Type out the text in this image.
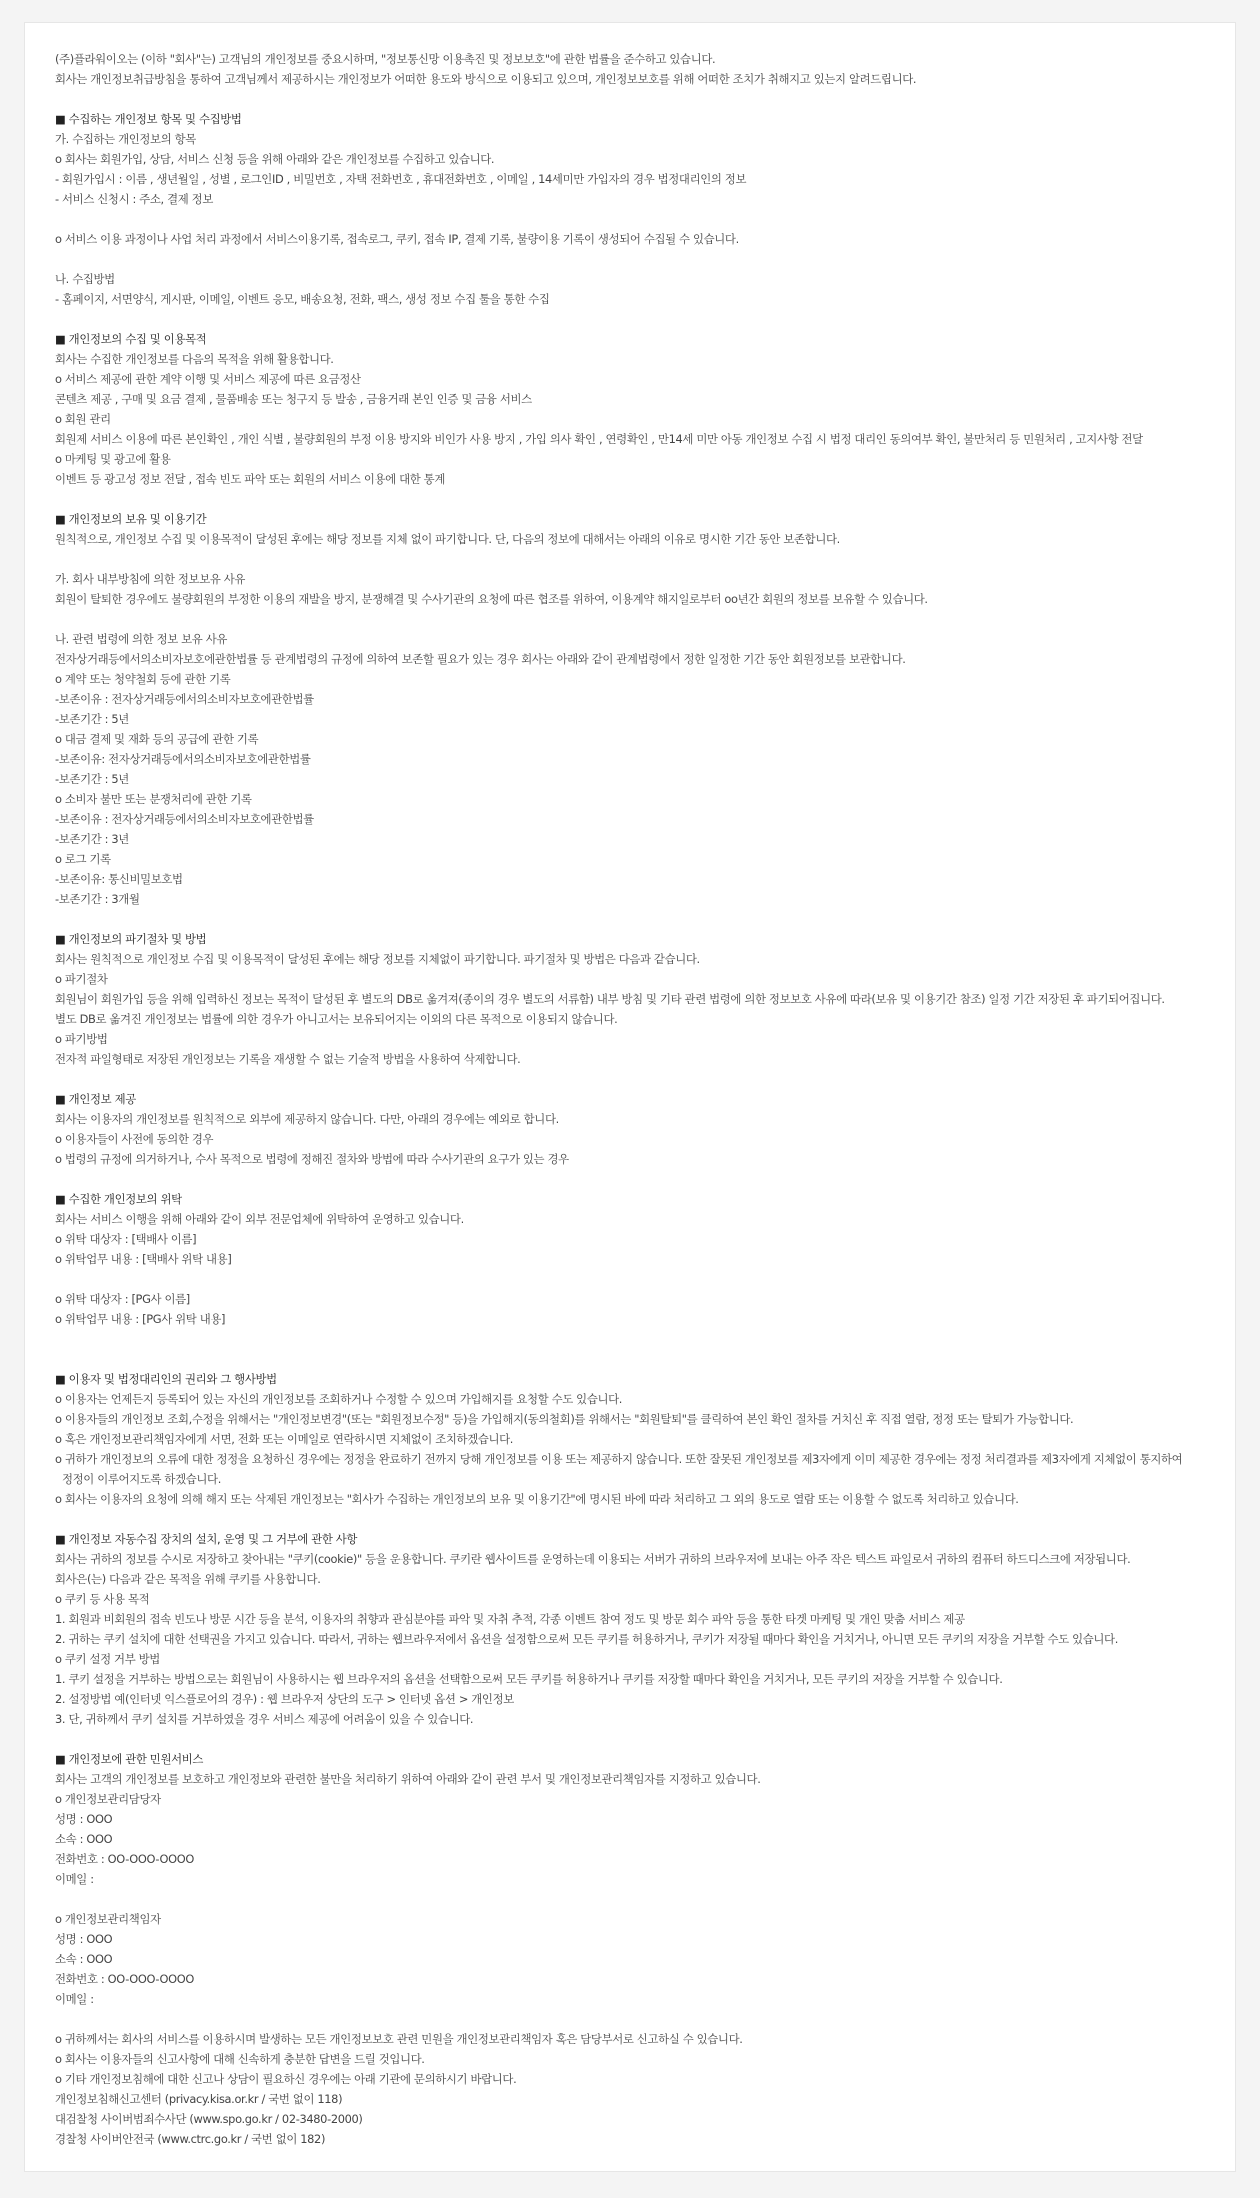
(주)플라워이오는 (이하 "회사"는) 고객님의 개인정보를 중요시하며, "정보통신망 이용촉진 및 정보보호"에 관한 법률을 준수하고 있습니다.
회사는 개인정보취급방침을 통하여 고객님께서 제공하시는 개인정보가 어떠한 용도와 방식으로 이용되고 있으며, 개인정보보호를 위해 어떠한 조치가 취해지고 있는지 알려드립니다.
■ 수집하는 개인정보 항목 및 수집방법
가. 수집하는 개인정보의 항목
o 회사는 회원가입, 상담, 서비스 신청 등을 위해 아래와 같은 개인정보를 수집하고 있습니다.
- 회원가입시 : 이름 , 생년월일 , 성별 , 로그인ID , 비밀번호 , 자택 전화번호 , 휴대전화번호 , 이메일 , 14세미만 가입자의 경우 법정대리인의 정보
- 서비스 신청시 : 주소, 결제 정보
o 서비스 이용 과정이나 사업 처리 과정에서 서비스이용기록, 접속로그, 쿠키, 접속 IP, 결제 기록, 불량이용 기록이 생성되어 수집될 수 있습니다.
나. 수집방법
- 홈페이지, 서면양식, 게시판, 이메일, 이벤트 응모, 배송요청, 전화, 팩스, 생성 정보 수집 툴을 통한 수집
■ 개인정보의 수집 및 이용목적
회사는 수집한 개인정보를 다음의 목적을 위해 활용합니다.
o 서비스 제공에 관한 계약 이행 및 서비스 제공에 따른 요금정산
콘텐츠 제공 , 구매 및 요금 결제 , 물품배송 또는 청구지 등 발송 , 금융거래 본인 인증 및 금융 서비스
o 회원 관리
회원제 서비스 이용에 따른 본인확인 , 개인 식별 , 불량회원의 부정 이용 방지와 비인가 사용 방지 , 가입 의사 확인 , 연령확인 , 만14세 미만 아동 개인정보 수집 시 법정 대리인 동의여부 확인, 불만처리 등 민원처리 , 고지사항 전달
o 마케팅 및 광고에 활용
이벤트 등 광고성 정보 전달 , 접속 빈도 파악 또는 회원의 서비스 이용에 대한 통계
■ 개인정보의 보유 및 이용기간
원칙적으로, 개인정보 수집 및 이용목적이 달성된 후에는 해당 정보를 지체 없이 파기합니다. 단, 다음의 정보에 대해서는 아래의 이유로 명시한 기간 동안 보존합니다.
가. 회사 내부방침에 의한 정보보유 사유
회원이 탈퇴한 경우에도 불량회원의 부정한 이용의 재발을 방지, 분쟁해결 및 수사기관의 요청에 따른 협조를 위하여, 이용계약 해지일로부터 oo년간 회원의 정보를 보유할 수 있습니다.
나. 관련 법령에 의한 정보 보유 사유
전자상거래등에서의소비자보호에관한법률 등 관계법령의 규정에 의하여 보존할 필요가 있는 경우 회사는 아래와 같이 관계법령에서 정한 일정한 기간 동안 회원정보를 보관합니다.
o 계약 또는 청약철회 등에 관한 기록
-보존이유 : 전자상거래등에서의소비자보호에관한법률
-보존기간 : 5년
o 대금 결제 및 재화 등의 공급에 관한 기록
-보존이유: 전자상거래등에서의소비자보호에관한법률
-보존기간 : 5년
o 소비자 불만 또는 분쟁처리에 관한 기록
-보존이유 : 전자상거래등에서의소비자보호에관한법률
-보존기간 : 3년
o 로그 기록
-보존이유: 통신비밀보호법
-보존기간 : 3개월
■ 개인정보의 파기절차 및 방법
회사는 원칙적으로 개인정보 수집 및 이용목적이 달성된 후에는 해당 정보를 지체없이 파기합니다. 파기절차 및 방법은 다음과 같습니다.
o 파기절차
회원님이 회원가입 등을 위해 입력하신 정보는 목적이 달성된 후 별도의 DB로 옮겨져(종이의 경우 별도의 서류함) 내부 방침 및 기타 관련 법령에 의한 정보보호 사유에 따라(보유 및 이용기간 참조) 일정 기간 저장된 후 파기되어집니다.
별도 DB로 옮겨진 개인정보는 법률에 의한 경우가 아니고서는 보유되어지는 이외의 다른 목적으로 이용되지 않습니다.
o 파기방법
전자적 파일형태로 저장된 개인정보는 기록을 재생할 수 없는 기술적 방법을 사용하여 삭제합니다.
■ 개인정보 제공
회사는 이용자의 개인정보를 원칙적으로 외부에 제공하지 않습니다. 다만, 아래의 경우에는 예외로 합니다.
o 이용자들이 사전에 동의한 경우
o 법령의 규정에 의거하거나, 수사 목적으로 법령에 정해진 절차와 방법에 따라 수사기관의 요구가 있는 경우
■ 수집한 개인정보의 위탁
회사는 서비스 이행을 위해 아래와 같이 외부 전문업체에 위탁하여 운영하고 있습니다.
o 위탁 대상자 : [택배사 이름]
o 위탁업무 내용 : [택배사 위탁 내용]
o 위탁 대상자 : [PG사 이름]
o 위탁업무 내용 : [PG사 위탁 내용]
■ 이용자 및 법정대리인의 권리와 그 행사방법
o 이용자는 언제든지 등록되어 있는 자신의 개인정보를 조회하거나 수정할 수 있으며 가입해지를 요청할 수도 있습니다.
o 이용자들의 개인정보 조회,수정을 위해서는 "개인정보변경"(또는 "회원정보수정" 등)을 가입해지(동의철회)를 위해서는 "회원탈퇴"를 클릭하여 본인 확인 절차를 거치신 후 직접 열람, 정정 또는 탈퇴가 가능합니다.
o 혹은 개인정보관리책임자에게 서면, 전화 또는 이메일로 연락하시면 지체없이 조치하겠습니다.
o 귀하가 개인정보의 오류에 대한 정정을 요청하신 경우에는 정정을 완료하기 전까지 당해 개인정보를 이용 또는 제공하지 않습니다. 또한 잘못된 개인정보를 제3자에게 이미 제공한 경우에는 정정 처리결과를 제3자에게 지체없이 통지하여
정정이 이루어지도록 하겠습니다.
o 회사는 이용자의 요청에 의해 해지 또는 삭제된 개인정보는 "회사가 수집하는 개인정보의 보유 및 이용기간"에 명시된 바에 따라 처리하고 그 외의 용도로 열람 또는 이용할 수 없도록 처리하고 있습니다.
■ 개인정보 자동수집 장치의 설치, 운영 및 그 거부에 관한 사항
회사는 귀하의 정보를 수시로 저장하고 찾아내는 "쿠키(cookie)" 등을 운용합니다. 쿠키란 웹사이트를 운영하는데 이용되는 서버가 귀하의 브라우저에 보내는 아주 작은 텍스트 파일로서 귀하의 컴퓨터 하드디스크에 저장됩니다.
회사은(는) 다음과 같은 목적을 위해 쿠키를 사용합니다.
o 쿠키 등 사용 목적
1. 회원과 비회원의 접속 빈도나 방문 시간 등을 분석, 이용자의 취향과 관심분야를 파악 및 자취 추적, 각종 이벤트 참여 정도 및 방문 회수 파악 등을 통한 타겟 마케팅 및 개인 맞춤 서비스 제공
2. 귀하는 쿠키 설치에 대한 선택권을 가지고 있습니다. 따라서, 귀하는 웹브라우저에서 옵션을 설정함으로써 모든 쿠키를 허용하거나, 쿠키가 저장될 때마다 확인을 거치거나, 아니면 모든 쿠키의 저장을 거부할 수도 있습니다.
o 쿠키 설정 거부 방법
1. 쿠키 설정을 거부하는 방법으로는 회원님이 사용하시는 웹 브라우저의 옵션을 선택함으로써 모든 쿠키를 허용하거나 쿠키를 저장할 때마다 확인을 거치거나, 모든 쿠키의 저장을 거부할 수 있습니다.
2. 설정방법 예(인터넷 익스플로어의 경우) : 웹 브라우저 상단의 도구 > 인터넷 옵션 > 개인정보
3. 단, 귀하께서 쿠키 설치를 거부하였을 경우 서비스 제공에 어려움이 있을 수 있습니다.
■ 개인정보에 관한 민원서비스
회사는 고객의 개인정보를 보호하고 개인정보와 관련한 불만을 처리하기 위하여 아래와 같이 관련 부서 및 개인정보관리책임자를 지정하고 있습니다.
o 개인정보관리담당자
성명 : OOO
소속 : OOO
전화번호 : OO-OOO-OOOO
이메일 :
o 개인정보관리책임자
성명 : OOO
소속 : OOO
전화번호 : OO-OOO-OOOO
이메일 :
o 귀하께서는 회사의 서비스를 이용하시며 발생하는 모든 개인정보보호 관련 민원을 개인정보관리책임자 혹은 담당부서로 신고하실 수 있습니다.
o 회사는 이용자들의 신고사항에 대해 신속하게 충분한 답변을 드릴 것입니다.
o 기타 개인정보침해에 대한 신고나 상담이 필요하신 경우에는 아래 기관에 문의하시기 바랍니다.
개인정보침해신고센터 (privacy.kisa.or.kr / 국번 없이 118)
대검찰청 사이버범죄수사단 (www.spo.go.kr / 02-3480-2000)
경찰청 사이버안전국 (www.ctrc.go.kr / 국번 없이 182)
